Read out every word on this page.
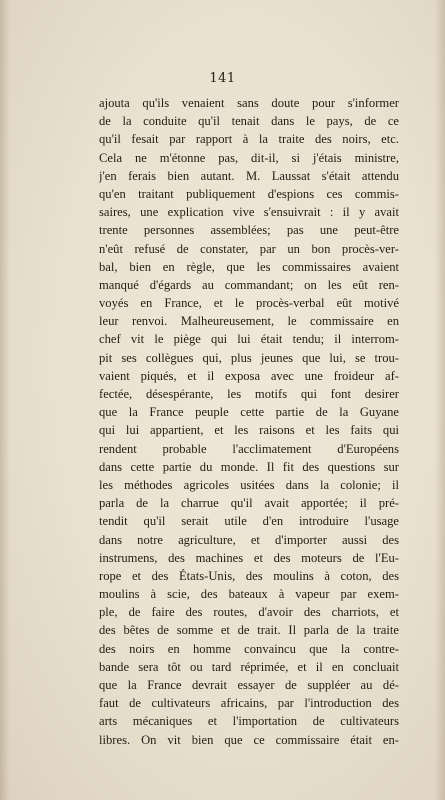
141
ajouta qu'ils venaient sans doute pour s'informer
de la conduite qu'il tenait dans le pays, de ce
qu'il fesait par rapport à la traite des noirs, etc.
Cela ne m'étonne pas, dit-il, si j'étais ministre,
j'en ferais bien autant. M. Laussat s'était attendu
qu'en traitant publiquement d'espions ces commis-
saires, une explication vive s'ensuivrait : il y avait
trente personnes assemblées; pas une peut-être
n'eût refusé de constater, par un bon procès-ver-
bal, bien en règle, que les commissaires avaient
manqué d'égards au commandant; on les eût ren-
voyés en France, et le procès-verbal eût motivé
leur renvoi. Malheureusement, le commissaire en
chef vit le piège qui lui était tendu; il interrom-
pit ses collègues qui, plus jeunes que lui, se trou-
vaient piqués, et il exposa avec une froideur af-
fectée, désespérante, les motifs qui font desirer
que la France peuple cette partie de la Guyane
qui lui appartient, et les raisons et les faits qui
rendent probable l'acclimatement d'Européens
dans cette partie du monde. Il fit des questions sur
les méthodes agricoles usitées dans la colonie; il
parla de la charrue qu'il avait apportée; il pré-
tendit qu'il serait utile d'en introduire l'usage
dans notre agriculture, et d'importer aussi des
instrumens, des machines et des moteurs de l'Eu-
rope et des États-Unis, des moulins à coton, des
moulins à scie, des bateaux à vapeur par exem-
ple, de faire des routes, d'avoir des charriots, et
des bêtes de somme et de trait. Il parla de la traite
des noirs en homme convaincu que la contre-
bande sera tôt ou tard réprimée, et il en concluait
que la France devrait essayer de suppléer au dé-
faut de cultivateurs africains, par l'introduction des
arts mécaniques et l'importation de cultivateurs
libres. On vit bien que ce commissaire était en-
